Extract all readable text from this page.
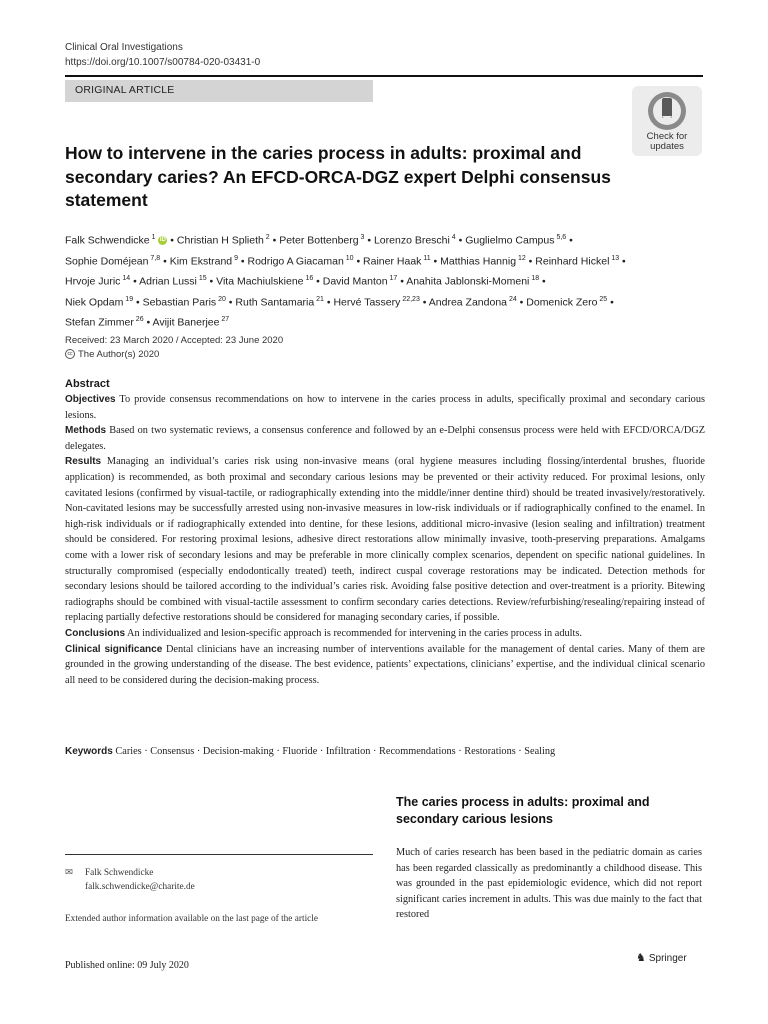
Clinical Oral Investigations
https://doi.org/10.1007/s00784-020-03431-0
ORIGINAL ARTICLE
Check for
updates
How to intervene in the caries process in adults: proximal and secondary caries? An EFCD-ORCA-DGZ expert Delphi consensus statement
Falk Schwendicke $^1$ iD • Christian H Splieth $^2$ • Peter Bottenberg $^3$ • Lorenzo Breschi $^4$ • Guglielmo Campus $^{5,6}$ •
Sophie Doméjean $^{7,8}$ • Kim Ekstrand $^9$ • Rodrigo A Giacaman $^{10}$ • Rainer Haak $^{11}$ • Matthias Hannig $^{12}$ • Reinhard Hickel $^{13}$ •
Hrvoje Juric $^{14}$ • Adrian Lussi $^{15}$ • Vita Machiulskiene $^{16}$ • David Manton $^{17}$ • Anahita Jablonski-Momeni $^{18}$ •
Niek Opdam $^{19}$ • Sebastian Paris $^{20}$ • Ruth Santamaria $^{21}$ • Hervé Tassery $^{22,23}$ • Andrea Zandona $^{24}$ • Domenick Zero $^{25}$ •
Stefan Zimmer $^{26}$ • Avijit Banerjee $^{27}$
Received: 23 March 2020 / Accepted: 23 June 2020
cc The Author(s) 2020
Abstract
Objectives To provide consensus recommendations on how to intervene in the caries process in adults, specifically proximal and secondary carious lesions.
Methods Based on two systematic reviews, a consensus conference and followed by an e-Delphi consensus process were held with EFCD/ORCA/DGZ delegates.
Results Managing an individual’s caries risk using non-invasive means (oral hygiene measures including flossing/interdental brushes, fluoride application) is recommended, as both proximal and secondary carious lesions may be prevented or their activity reduced. For proximal lesions, only cavitated lesions (confirmed by visual-tactile, or radiographically extending into the middle/inner dentine third) should be treated invasively/restoratively. Non-cavitated lesions may be successfully arrested using non-invasive measures in low-risk individuals or if radiographically confined to the enamel. In high-risk individuals or if radiographically extended into dentine, for these lesions, additional micro-invasive (lesion sealing and infiltration) treatment should be considered. For restoring proximal lesions, adhesive direct restorations allow minimally invasive, tooth-preserving preparations. Amalgams come with a lower risk of secondary lesions and may be preferable in more clinically complex scenarios, dependent on specific national guidelines. In structurally compromised (especially endodontically treated) teeth, indirect cuspal coverage restorations may be indicated. Detection methods for secondary lesions should be tailored according to the individual’s caries risk. Avoiding false positive detection and over-treatment is a priority. Bitewing radiographs should be combined with visual-tactile assessment to confirm secondary caries detections. Review/refurbishing/resealing/repairing instead of replacing partially defective restorations should be considered for managing secondary caries, if possible.
Conclusions An individualized and lesion-specific approach is recommended for intervening in the caries process in adults.
Clinical significance Dental clinicians have an increasing number of interventions available for the management of dental caries. Many of them are grounded in the growing understanding of the disease. The best evidence, patients’ expectations, clinicians’ expertise, and the individual clinical scenario all need to be considered during the decision-making process.
Keywords Caries · Consensus · Decision-making · Fluoride · Infiltration · Recommendations · Restorations · Sealing
The caries process in adults: proximal and secondary carious lesions
✉ Falk Schwendicke
falk.schwendicke@charite.de
Extended author information available on the last page of the article
Much of caries research has been based in the pediatric domain as caries has been regarded classically as predominantly a childhood disease. This was grounded in the past epidemiologic evidence, which did not report significant caries increment in adults. This was due mainly to the fact that restored
Published online: 09 July 2020
♞ Springer
